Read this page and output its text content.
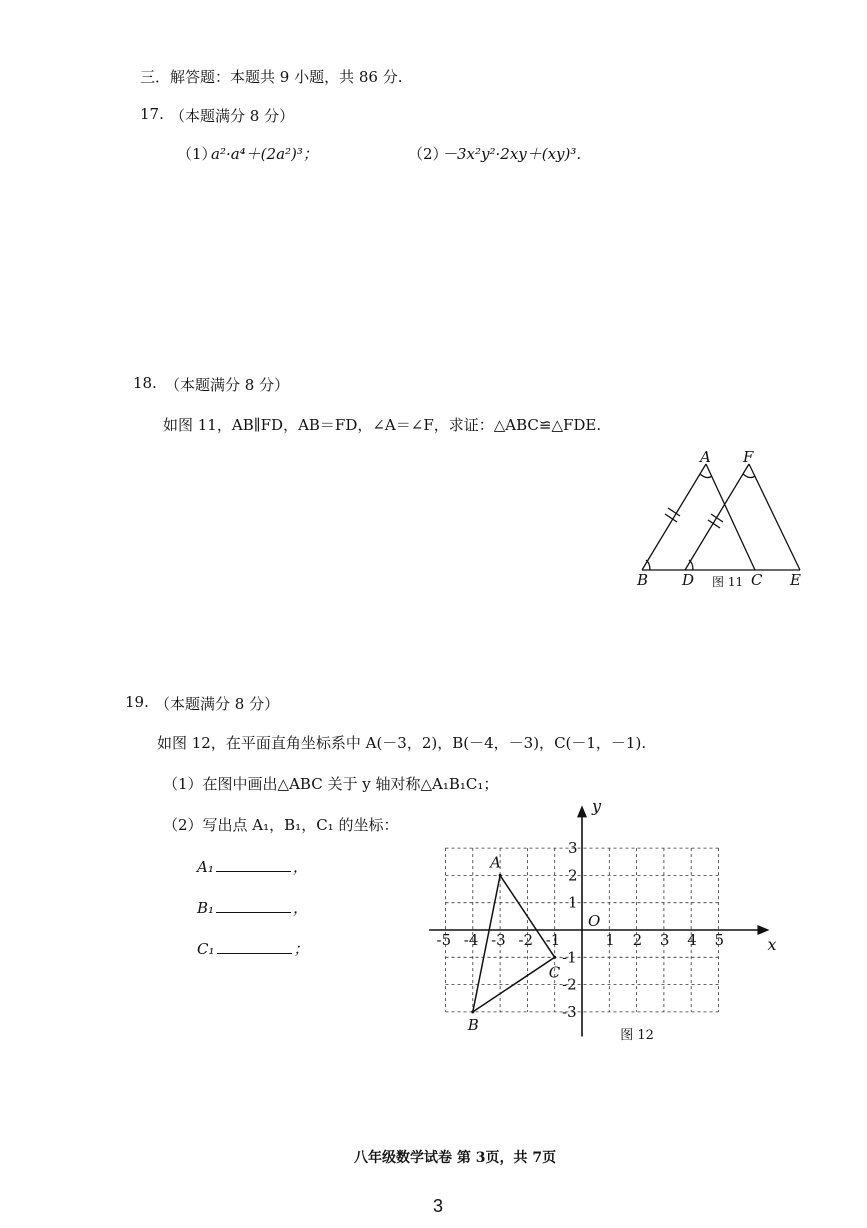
三．解答题：本题共 9 小题，共 86 分.
17. （本题满分 8 分）
（1）
a²·a⁴＋(2a²)³；	（2）
－3x²y²·2xy＋(xy)³.
18. （本题满分 8 分）
如图 11，AB∥FD，AB＝FD，∠A＝∠F，求证：△ABC≌△FDE.
A F
B D	C E
图 11
19. （本题满分 8 分）
如图 12，在平面直角坐标系中 A(－3，2)，B(－4，－3)，C(－1，－1).
（1）在图中画出△ABC 关于 y 轴对称△A₁B₁C₁；
（2）写出点 A₁，B₁，C₁ 的坐标：
A₁	，
B₁	，
C₁	；	x
y
O
-5 -4 -3 -2 -1	1 2 3 4 5
3
2
1
-1
-2
-3
A
B
C
图 12
八年级数学试卷 第 3页，共 7页
3
